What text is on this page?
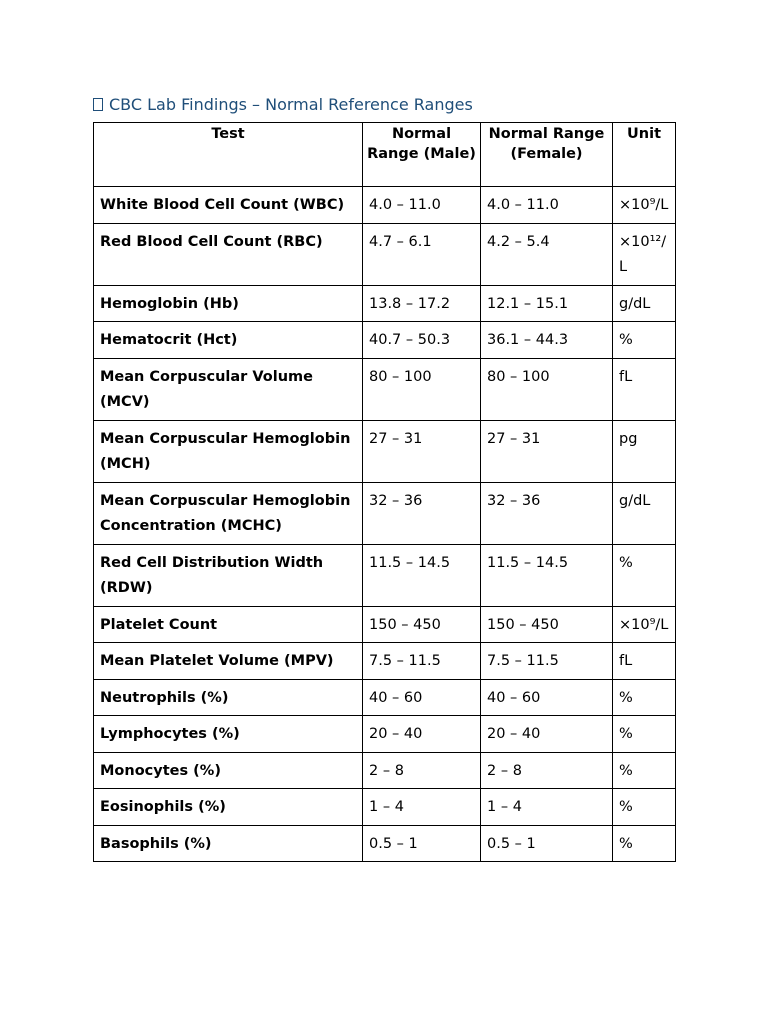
CBC Lab Findings – Normal Reference Ranges
Test	Normal Range (Male)	Normal Range (Female)	Unit
White Blood Cell Count (WBC)	4.0 – 11.0	4.0 – 11.0	×10⁹/L
Red Blood Cell Count (RBC)	4.7 – 6.1	4.2 – 5.4	×10¹²/L
Hemoglobin (Hb)	13.8 – 17.2	12.1 – 15.1	g/dL
Hematocrit (Hct)	40.7 – 50.3	36.1 – 44.3	%
Mean Corpuscular Volume (MCV)	80 – 100	80 – 100	fL
Mean Corpuscular Hemoglobin (MCH)	27 – 31	27 – 31	pg
Mean Corpuscular Hemoglobin Concentration (MCHC)	32 – 36	32 – 36	g/dL
Red Cell Distribution Width (RDW)	11.5 – 14.5	11.5 – 14.5	%
Platelet Count	150 – 450	150 – 450	×10⁹/L
Mean Platelet Volume (MPV)	7.5 – 11.5	7.5 – 11.5	fL
Neutrophils (%)	40 – 60	40 – 60	%
Lymphocytes (%)	20 – 40	20 – 40	%
Monocytes (%)	2 – 8	2 – 8	%
Eosinophils (%)	1 – 4	1 – 4	%
Basophils (%)	0.5 – 1	0.5 – 1	%
